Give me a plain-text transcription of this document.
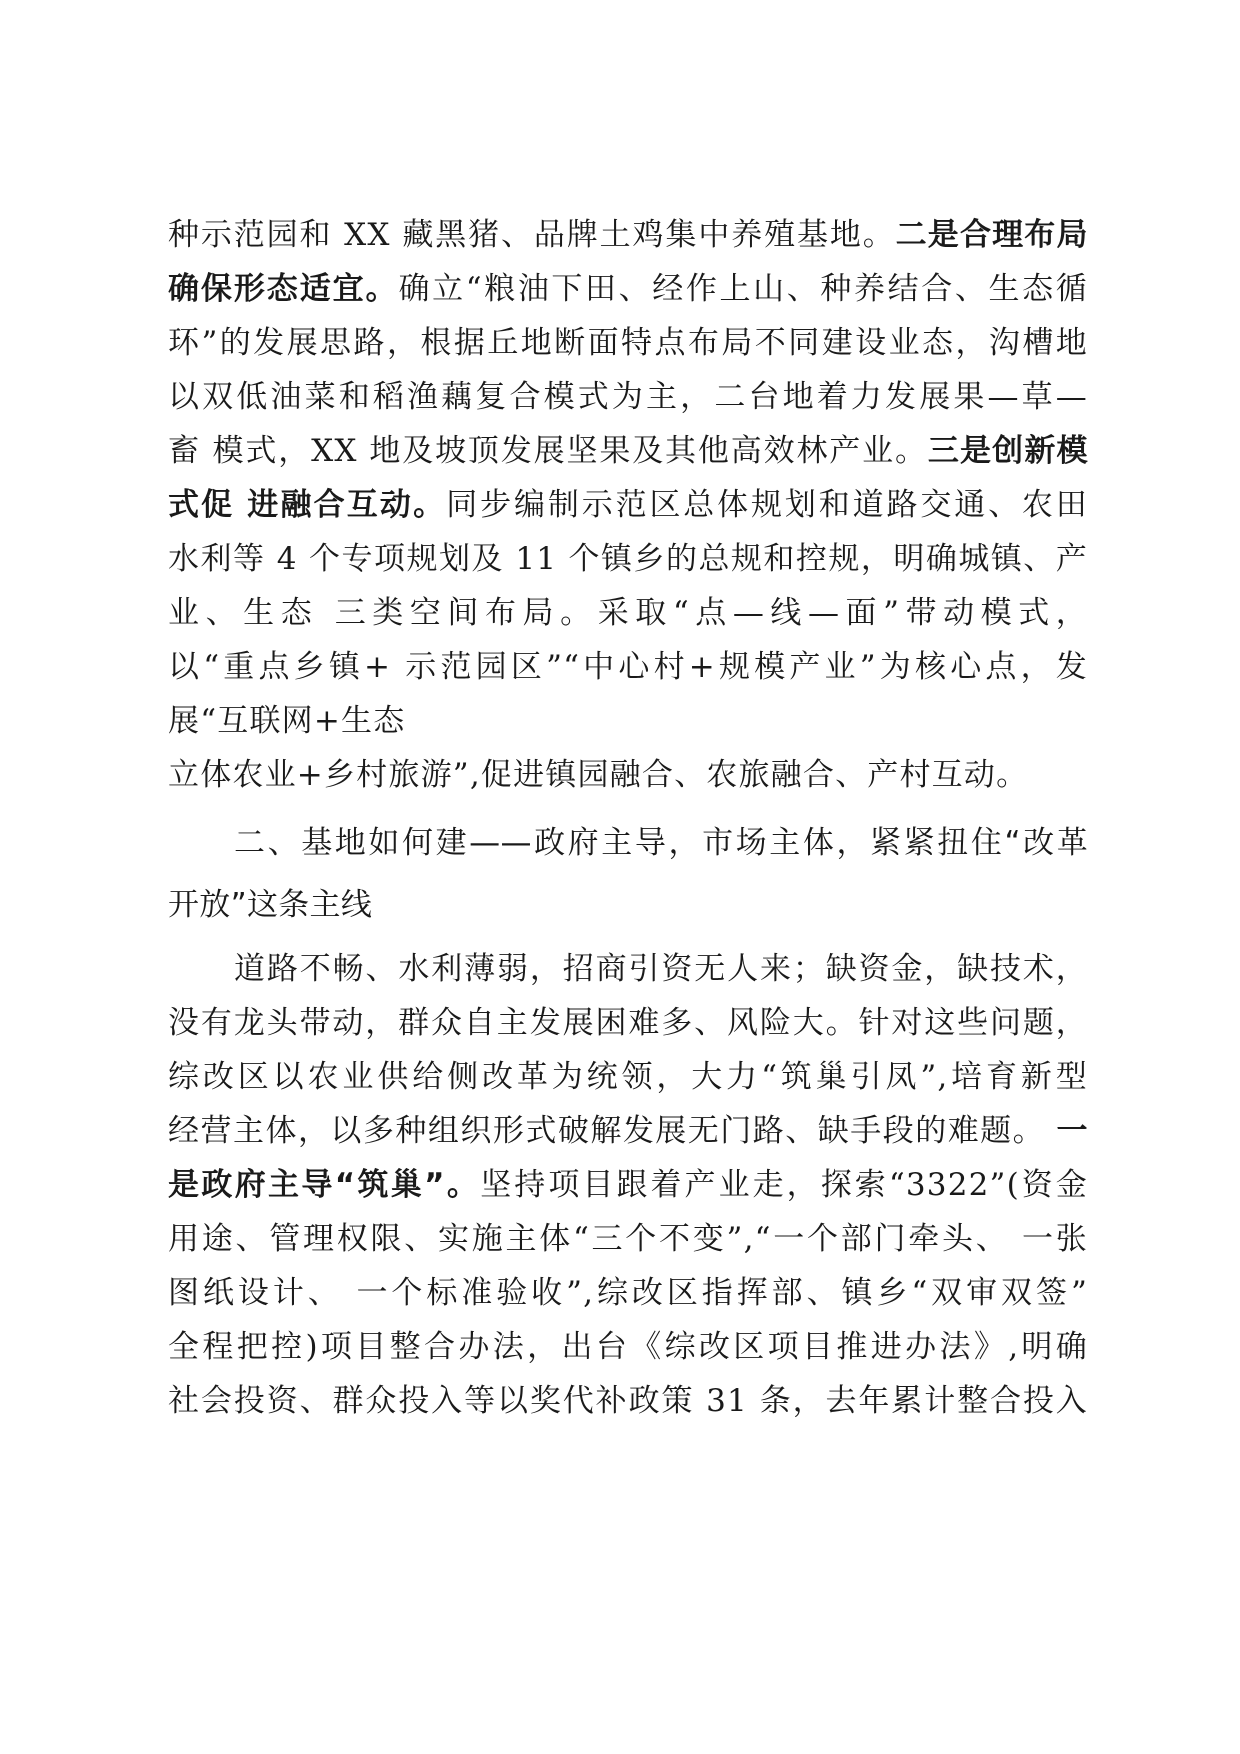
种示范园和 XX 藏黑猪、品牌土鸡集中养殖基地。二是合理布局
确保形态适宜。确立“粮油下田、经作上山、种养结合、生态循
环”的发展思路，根据丘地断面特点布局不同建设业态，沟槽地
以双低油菜和稻渔藕复合模式为主，二台地着力发展果—草—
畜 模式，XX 地及坡顶发展坚果及其他高效林产业。三是创新模
式促 进融合互动。同步编制示范区总体规划和道路交通、农田
水利等 4 个专项规划及 11 个镇乡的总规和控规，明确城镇、产
业、生态 三类空间布局。采取“点—线—面”带动模式，
以“重点乡镇+ 示范园区”“中心村+规模产业”为核心点，发
展“互联网+生态
立体农业+乡村旅游”,促进镇园融合、农旅融合、产村互动。
二、基地如何建——政府主导，市场主体，紧紧扭住“改革
开放”这条主线
道路不畅、水利薄弱，招商引资无人来；缺资金，缺技术，
没有龙头带动，群众自主发展困难多、风险大。针对这些问题，
综改区以农业供给侧改革为统领，大力“筑巢引凤”,培育新型
经营主体，以多种组织形式破解发展无门路、缺手段的难题。 一
是政府主导“筑巢”。坚持项目跟着产业走，探索“3322”(资金
用途、管理权限、实施主体“三个不变”,“一个部门牵头、 一张
图纸设计、 一个标准验收”,综改区指挥部、镇乡“双审双签”
全程把控)项目整合办法，出台《综改区项目推进办法》,明确
社会投资、群众投入等以奖代补政策 31 条，去年累计整合投入
